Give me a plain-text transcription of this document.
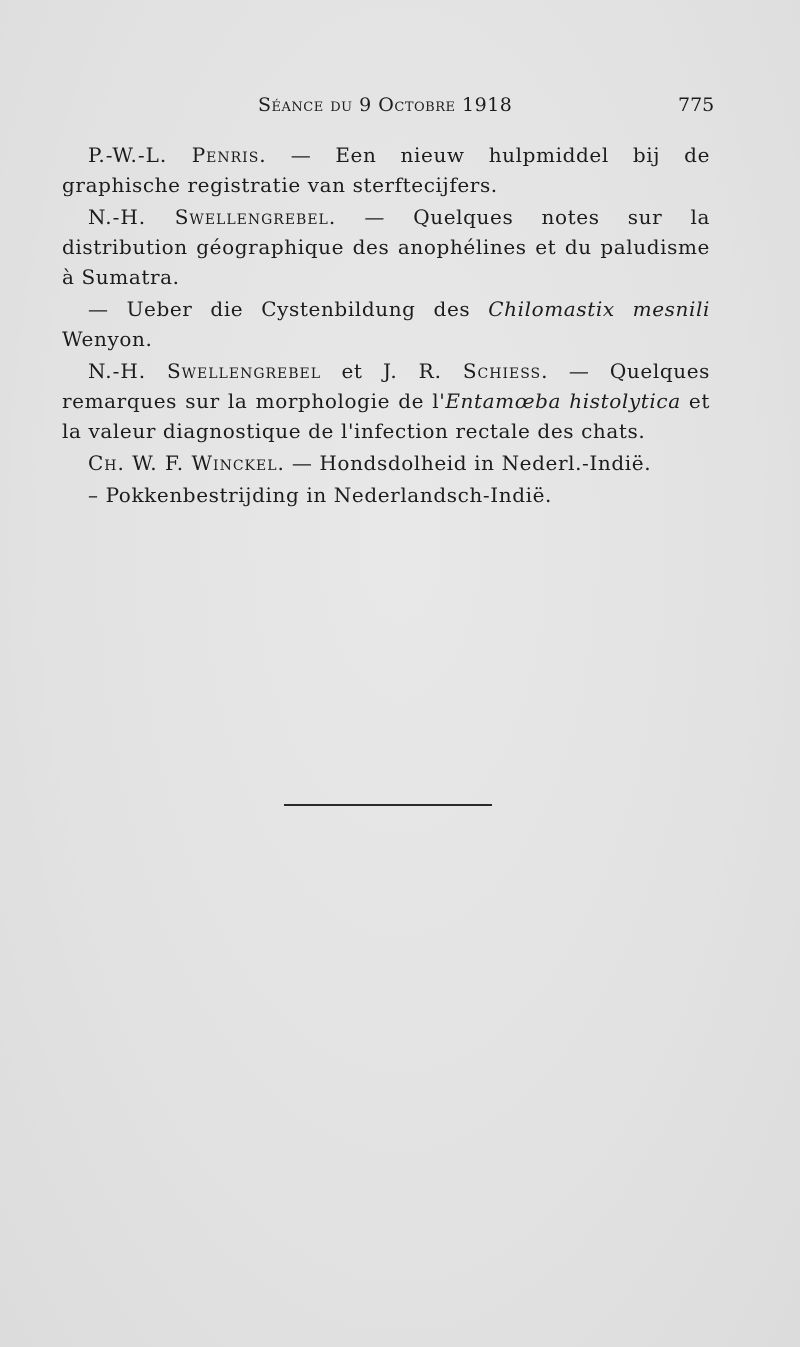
Séance du 9 Octobre 1918	775

P.-W.-L. Penris. — Een nieuw hulpmiddel bij de graphische registratie van sterftecijfers.

N.-H. Swellengrebel. — Quelques notes sur la distribution géographique des anophélines et du paludisme à Sumatra.

— Ueber die Cystenbildung des Chilomastix mesnili Wenyon.

N.-H. Swellengrebel et J. R. Schiess. — Quelques remarques sur la morphologie de l'Entamœba histolytica et la valeur diagnostique de l'infection rectale des chats.

Ch. W. F. Winckel. — Hondsdolheid in Nederl.-Indië.

– Pokkenbestrijding in Nederlandsch-Indië.
